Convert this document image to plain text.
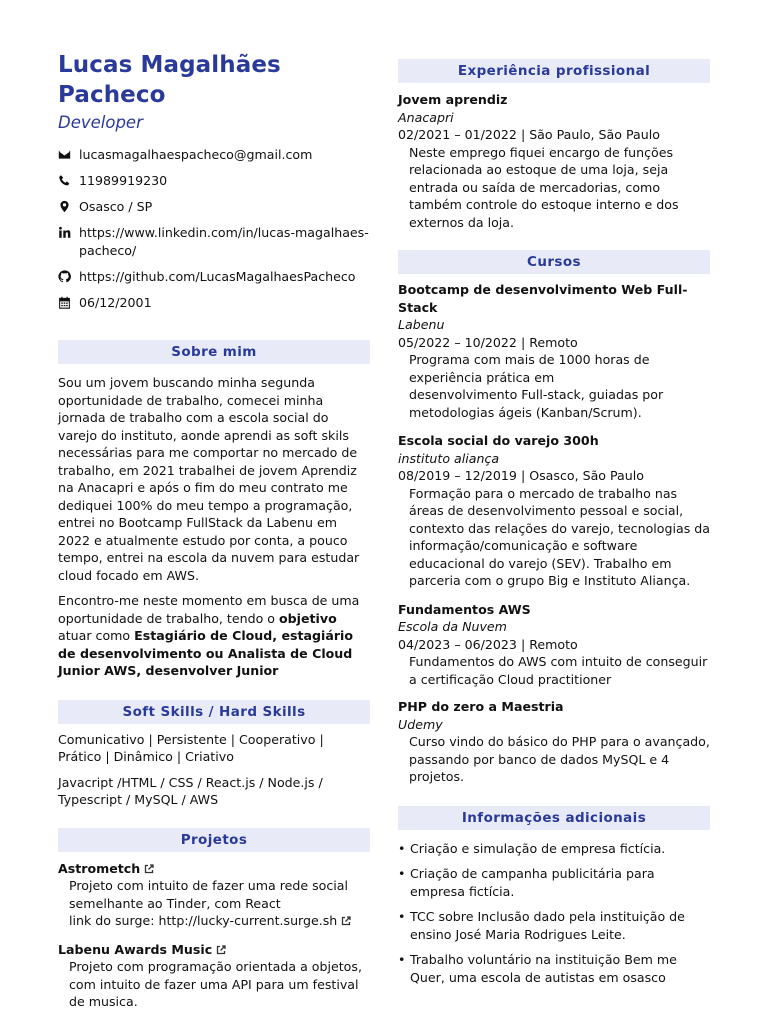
Lucas Magalhães Pacheco
Developer
lucasmagalhaespacheco@gmail.com
11989919230
Osasco / SP
https://www.linkedin.com/in/lucas-magalhaes-pacheco/
https://github.com/LucasMagalhaesPacheco
06/12/2001
Sobre mim

Sou um jovem buscando minha segunda oportunidade de trabalho, comecei minha jornada de trabalho com a escola social do varejo do instituto, aonde aprendi as soft skils necessárias para me comportar no mercado de trabalho, em 2021 trabalhei de jovem Aprendiz na Anacapri e após o fim do meu contrato me dediquei 100% do meu tempo a programação, entrei no Bootcamp FullStack da Labenu em 2022 e atualmente estudo por conta, a pouco tempo, entrei na escola da nuvem para estudar cloud focado em AWS.

Encontro-me neste momento em busca de uma oportunidade de trabalho, tendo o objetivo atuar como Estagiário de Cloud, estagiário de desenvolvimento ou Analista de Cloud Junior AWS, desenvolver Junior

Soft Skills / Hard Skills

Comunicativo | Persistente | Cooperativo | Prático | Dinâmico | Criativo

Javacript /HTML / CSS / React.js / Node.js / Typescript / MySQL / AWS

Projetos
Astrometch
Projeto com intuito de fazer uma rede social semelhante ao Tinder, com React
link do surge: http://lucky-current.surge.sh
Labenu Awards Music
Projeto com programação orientada a objetos, com intuito de fazer uma API para um festival de musica.
Experiência profissional
Jovem aprendiz
Anacapri
02/2021 – 01/2022 | São Paulo, São Paulo
Neste emprego fiquei encargo de funções relacionada ao estoque de uma loja, seja entrada ou saída de mercadorias, como também controle do estoque interno e dos externos da loja.
Cursos
Bootcamp de desenvolvimento Web Full-Stack
Labenu
05/2022 – 10/2022 | Remoto
Programa com mais de 1000 horas de experiência prática em
desenvolvimento Full-stack, guiadas por metodologias ágeis (Kanban/Scrum).
Escola social do varejo 300h
instituto aliança
08/2019 – 12/2019 | Osasco, São Paulo
Formação para o mercado de trabalho nas áreas de desenvolvimento pessoal e social, contexto das relações do varejo, tecnologias da informação/comunicação e software educacional do varejo (SEV). Trabalho em parceria com o grupo Big e Instituto Aliança.
Fundamentos AWS
Escola da Nuvem
04/2023 – 06/2023 | Remoto
Fundamentos do AWS com intuito de conseguir a certificação Cloud practitioner
PHP do zero a Maestria
Udemy
Curso vindo do básico do PHP para o avançado, passando por banco de dados MySQL e 4 projetos.
Informações adicionais
• Criação e simulação de empresa fictícia.
• Criação de campanha publicitária para empresa fictícia.
• TCC sobre Inclusão dado pela instituição de ensino José Maria Rodrigues Leite.
• Trabalho voluntário na instituição Bem me Quer, uma escola de autistas em osasco
